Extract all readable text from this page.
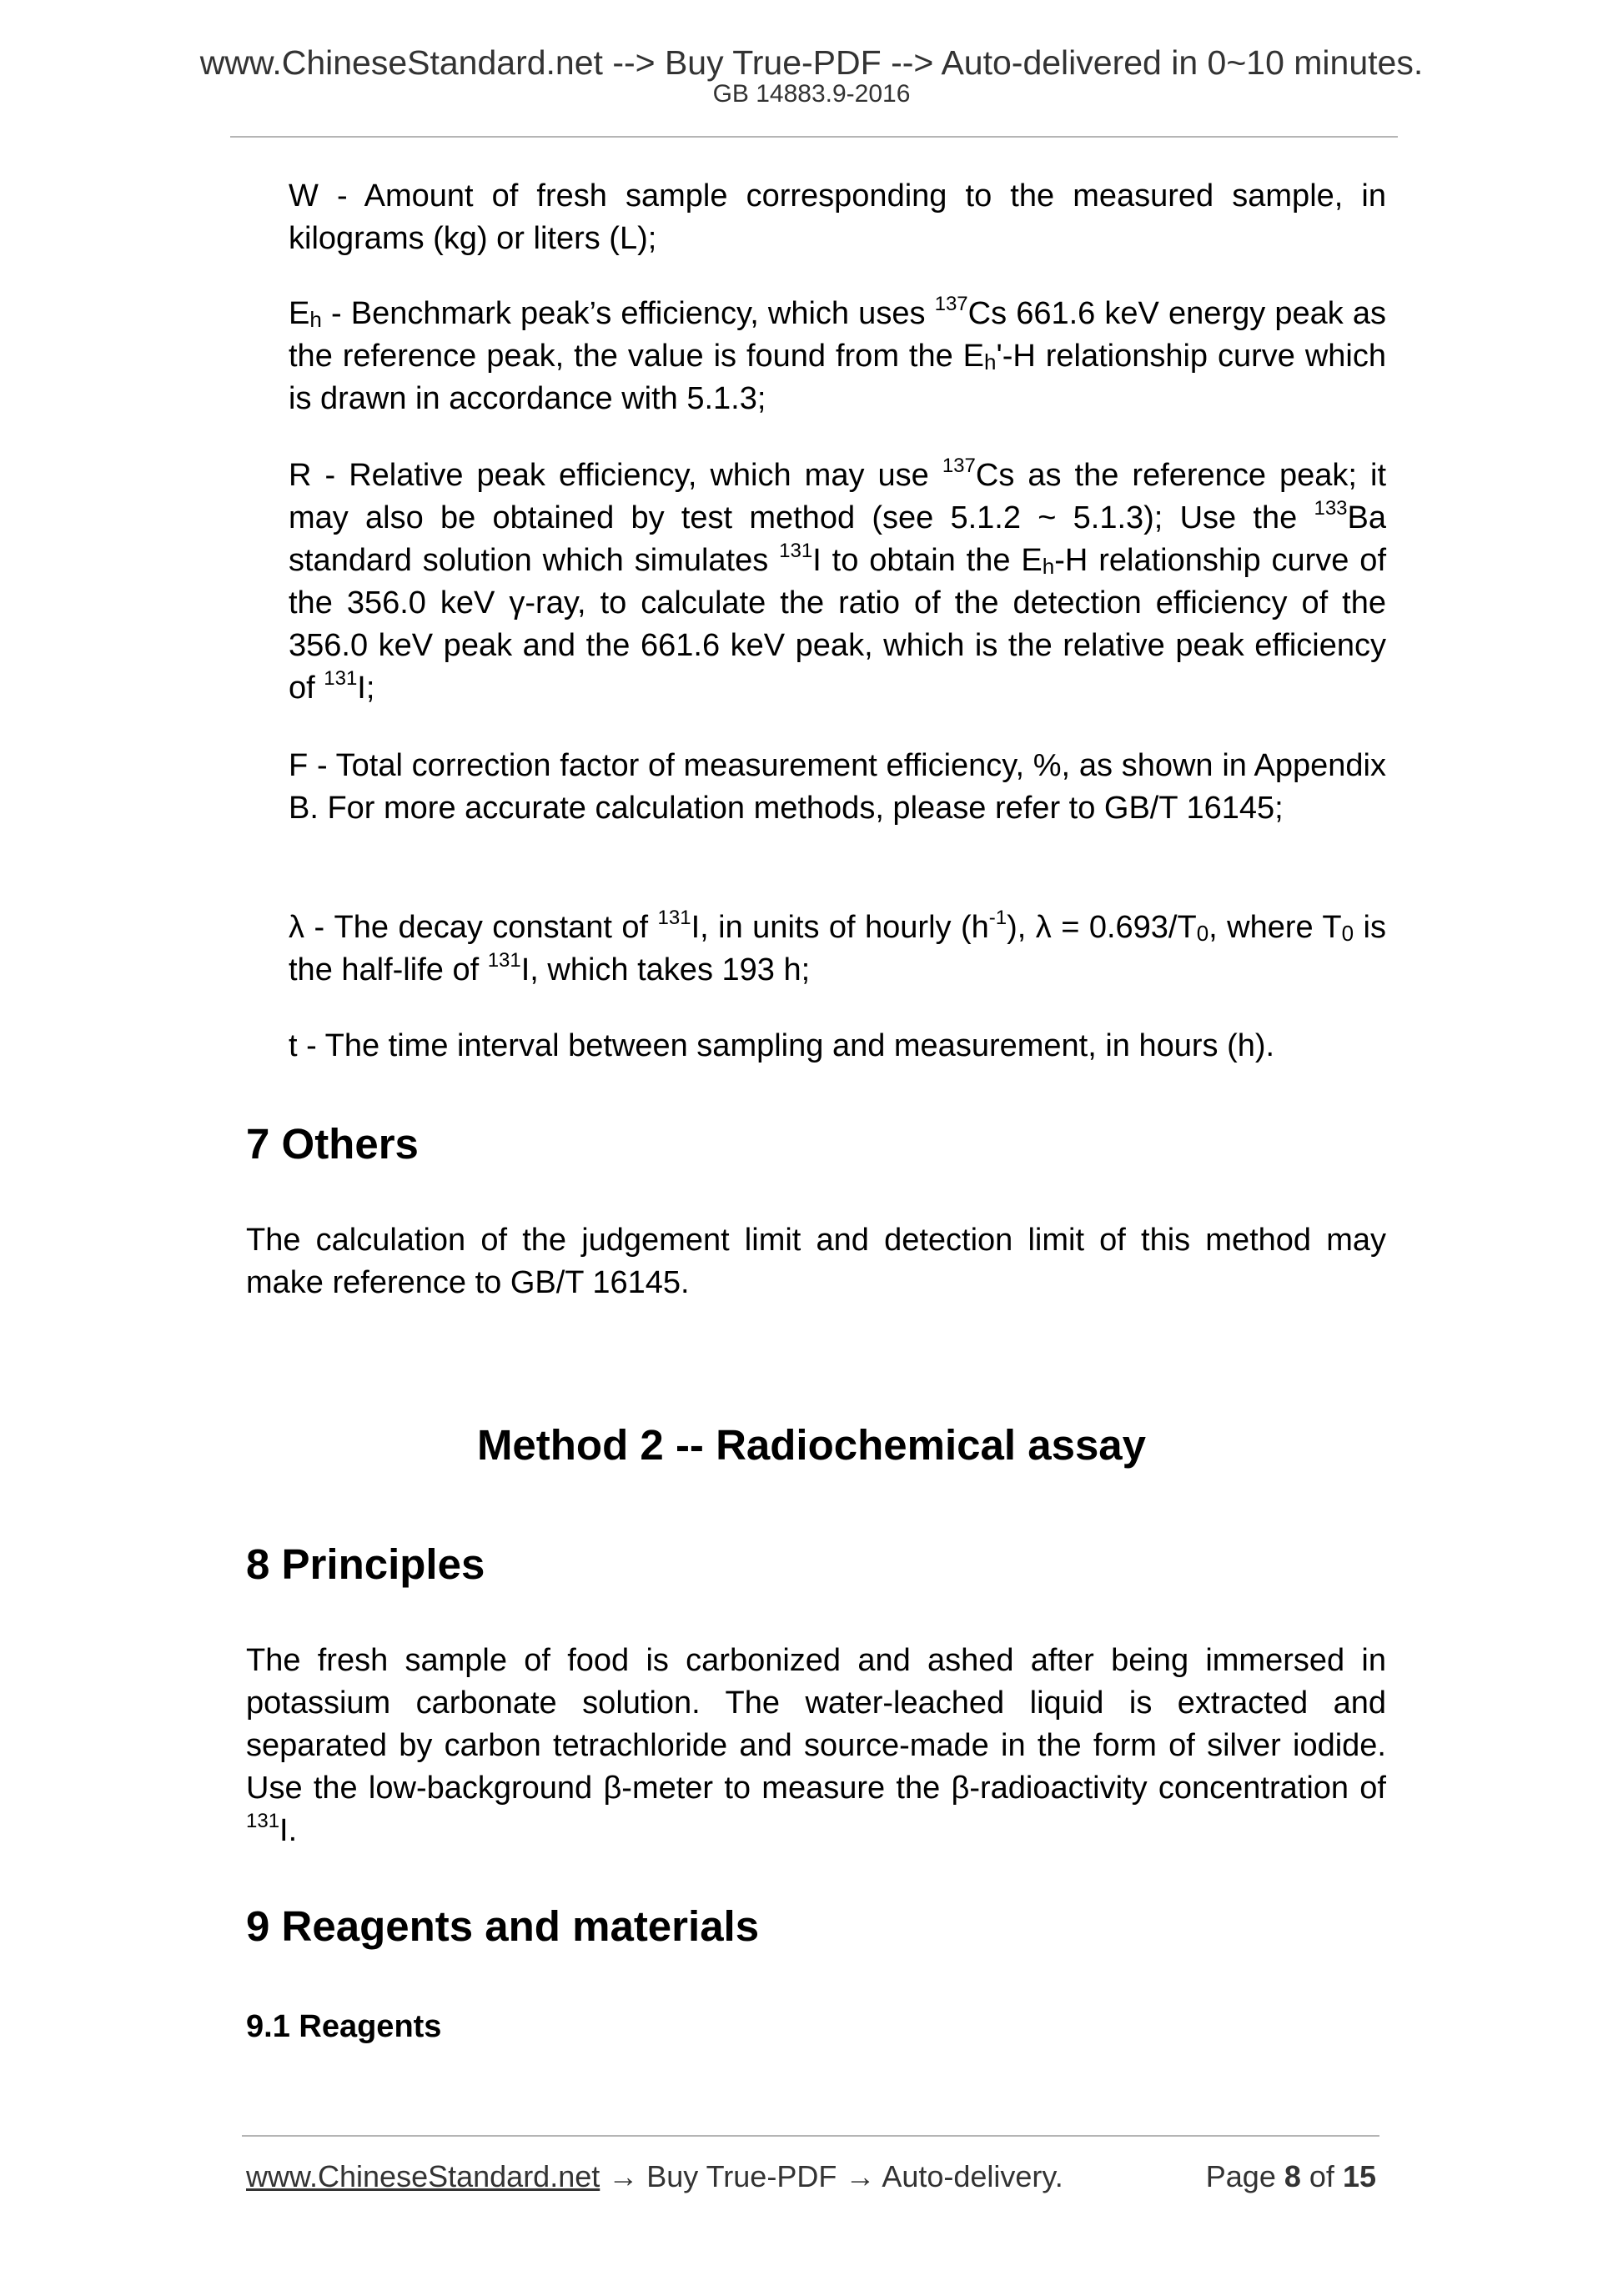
www.ChineseStandard.net --> Buy True-PDF --> Auto-delivered in 0~10 minutes.
GB 14883.9-2016

W - Amount of fresh sample corresponding to the measured sample, in kilograms (kg) or liters (L);

$E_h$ - Benchmark peak’s efficiency, which uses $^{137}$Cs 661.6 keV energy peak as the reference peak, the value is found from the $E_h'-H$ relationship curve which is drawn in accordance with 5.1.3;

R - Relative peak efficiency, which may use $^{137}$Cs as the reference peak; it may also be obtained by test method (see 5.1.2 ~ 5.1.3); Use the $^{133}$Ba standard solution which simulates $^{131}$I to obtain the $E_h-H$ relationship curve of the 356.0 keV γ-ray, to calculate the ratio of the detection efficiency of the 356.0 keV peak and the 661.6 keV peak, which is the relative peak efficiency of $^{131}$I;

F - Total correction factor of measurement efficiency, %, as shown in Appendix B. For more accurate calculation methods, please refer to GB/T 16145;

λ - The decay constant of $^{131}$I, in units of hourly $(h^{-1})$, $\lambda = 0.693/T_0$, where $T_0$ is the half-life of $^{131}$I, which takes 193 h;

t - The time interval between sampling and measurement, in hours (h).

7 Others

The calculation of the judgement limit and detection limit of this method may make reference to GB/T 16145.

Method 2 -- Radiochemical assay
8 Principles

The fresh sample of food is carbonized and ashed after being immersed in potassium carbonate solution. The water-leached liquid is extracted and separated by carbon tetrachloride and source-made in the form of silver iodide. Use the low-background β-meter to measure the β-radioactivity concentration of $^{131}$I.

9 Reagents and materials
9.1 Reagents
www.ChineseStandard.net → Buy True-PDF → Auto-delivery.	Page 8 of 15
